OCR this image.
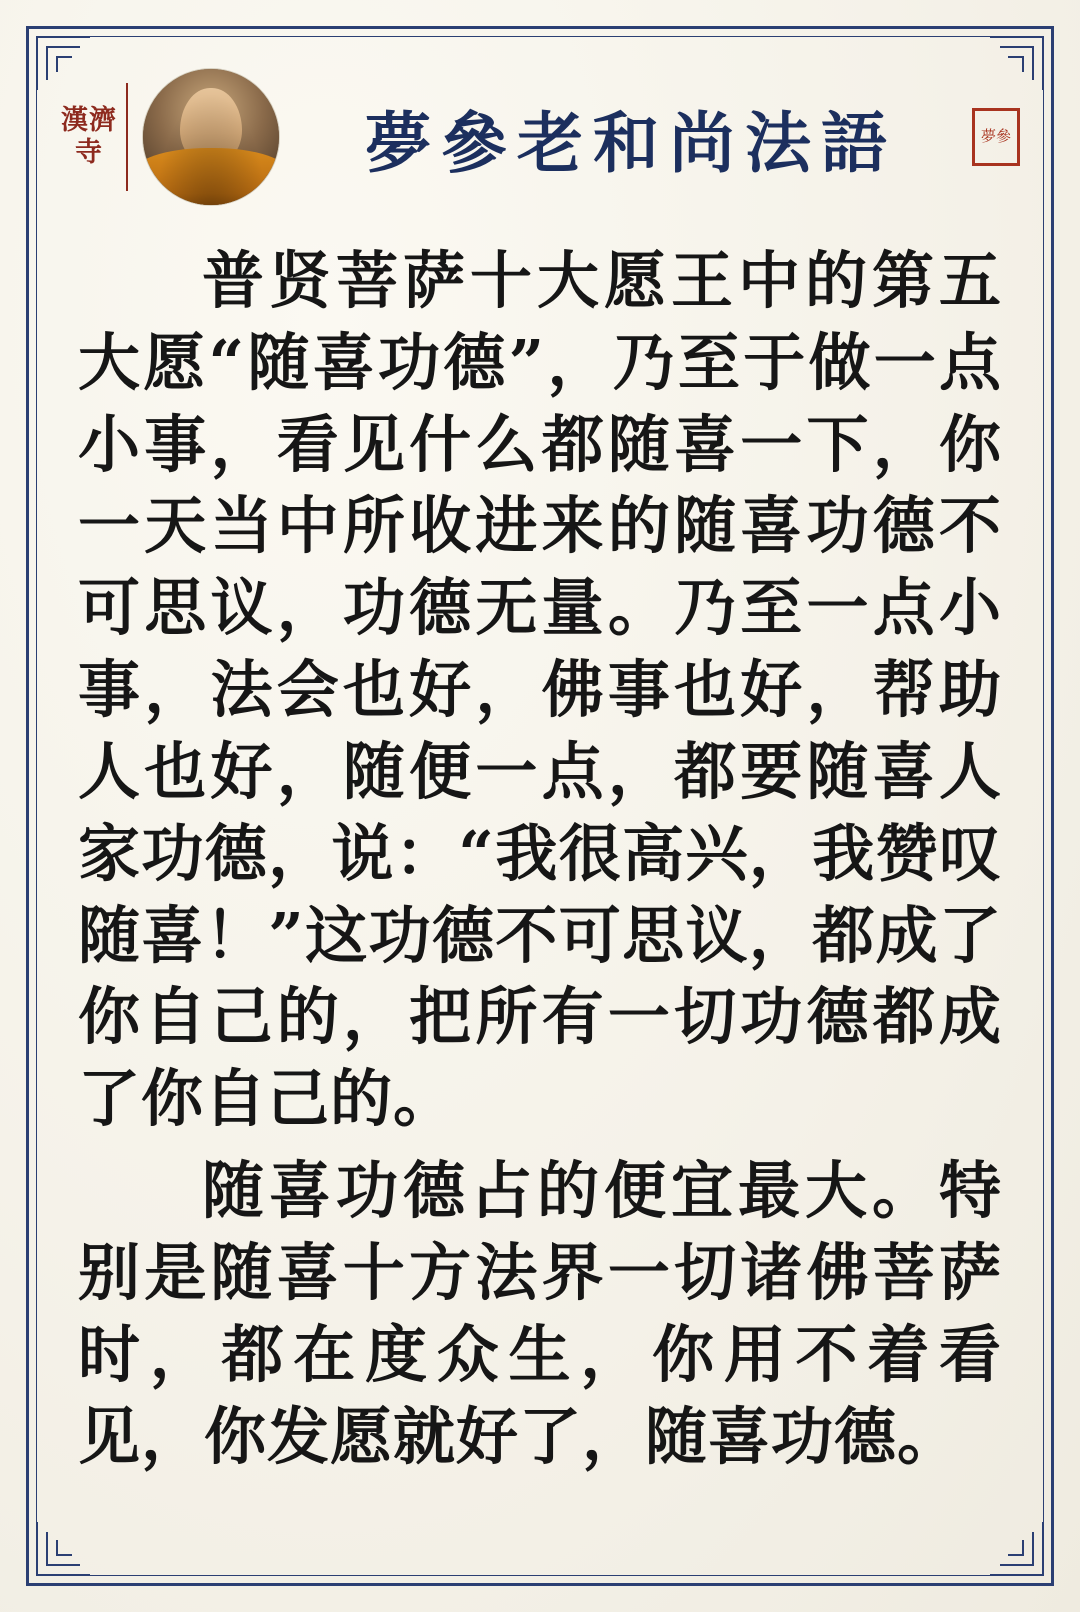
漢濟寺	夢參老和尚法語	夢參

普贤菩萨十大愿王中的第五大愿“随喜功德”，乃至于做一点小事，看见什么都随喜一下，你一天当中所收进来的随喜功德不可思议，功德无量。乃至一点小事，法会也好，佛事也好，帮助人也好，随便一点，都要随喜人家功德，说：“我很高兴，我赞叹随喜！”这功德不可思议，都成了你自己的，把所有一切功德都成了你自己的。

随喜功德占的便宜最大。特别是随喜十方法界一切诸佛菩萨时，都在度众生，你用不着看见，你发愿就好了，随喜功德。
